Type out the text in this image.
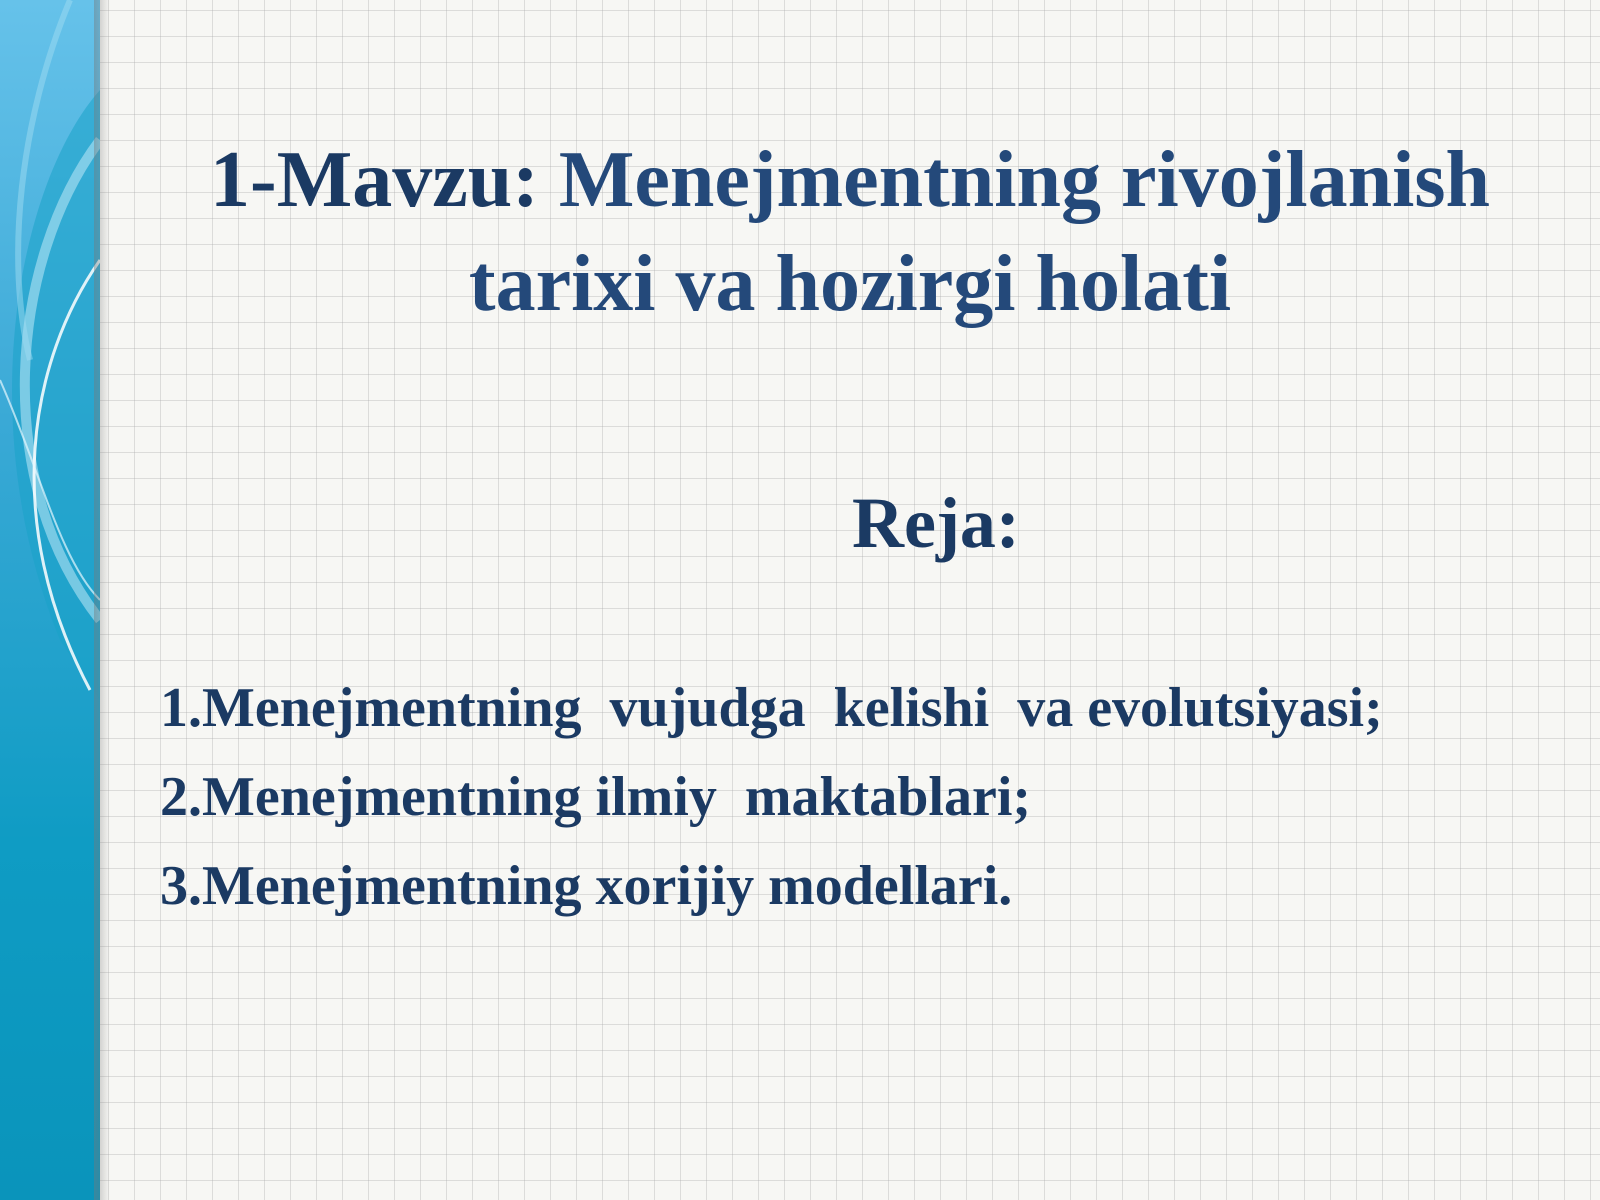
1-Mavzu: Menejmentning rivojlanish tarixi va hozirgi holati
Reja:
1.Menejmentning  vujudga  kelishi  va evolutsiyasi;
2.Menejmentning ilmiy  maktablari;
3.Menejmentning xorijiy modellari.
